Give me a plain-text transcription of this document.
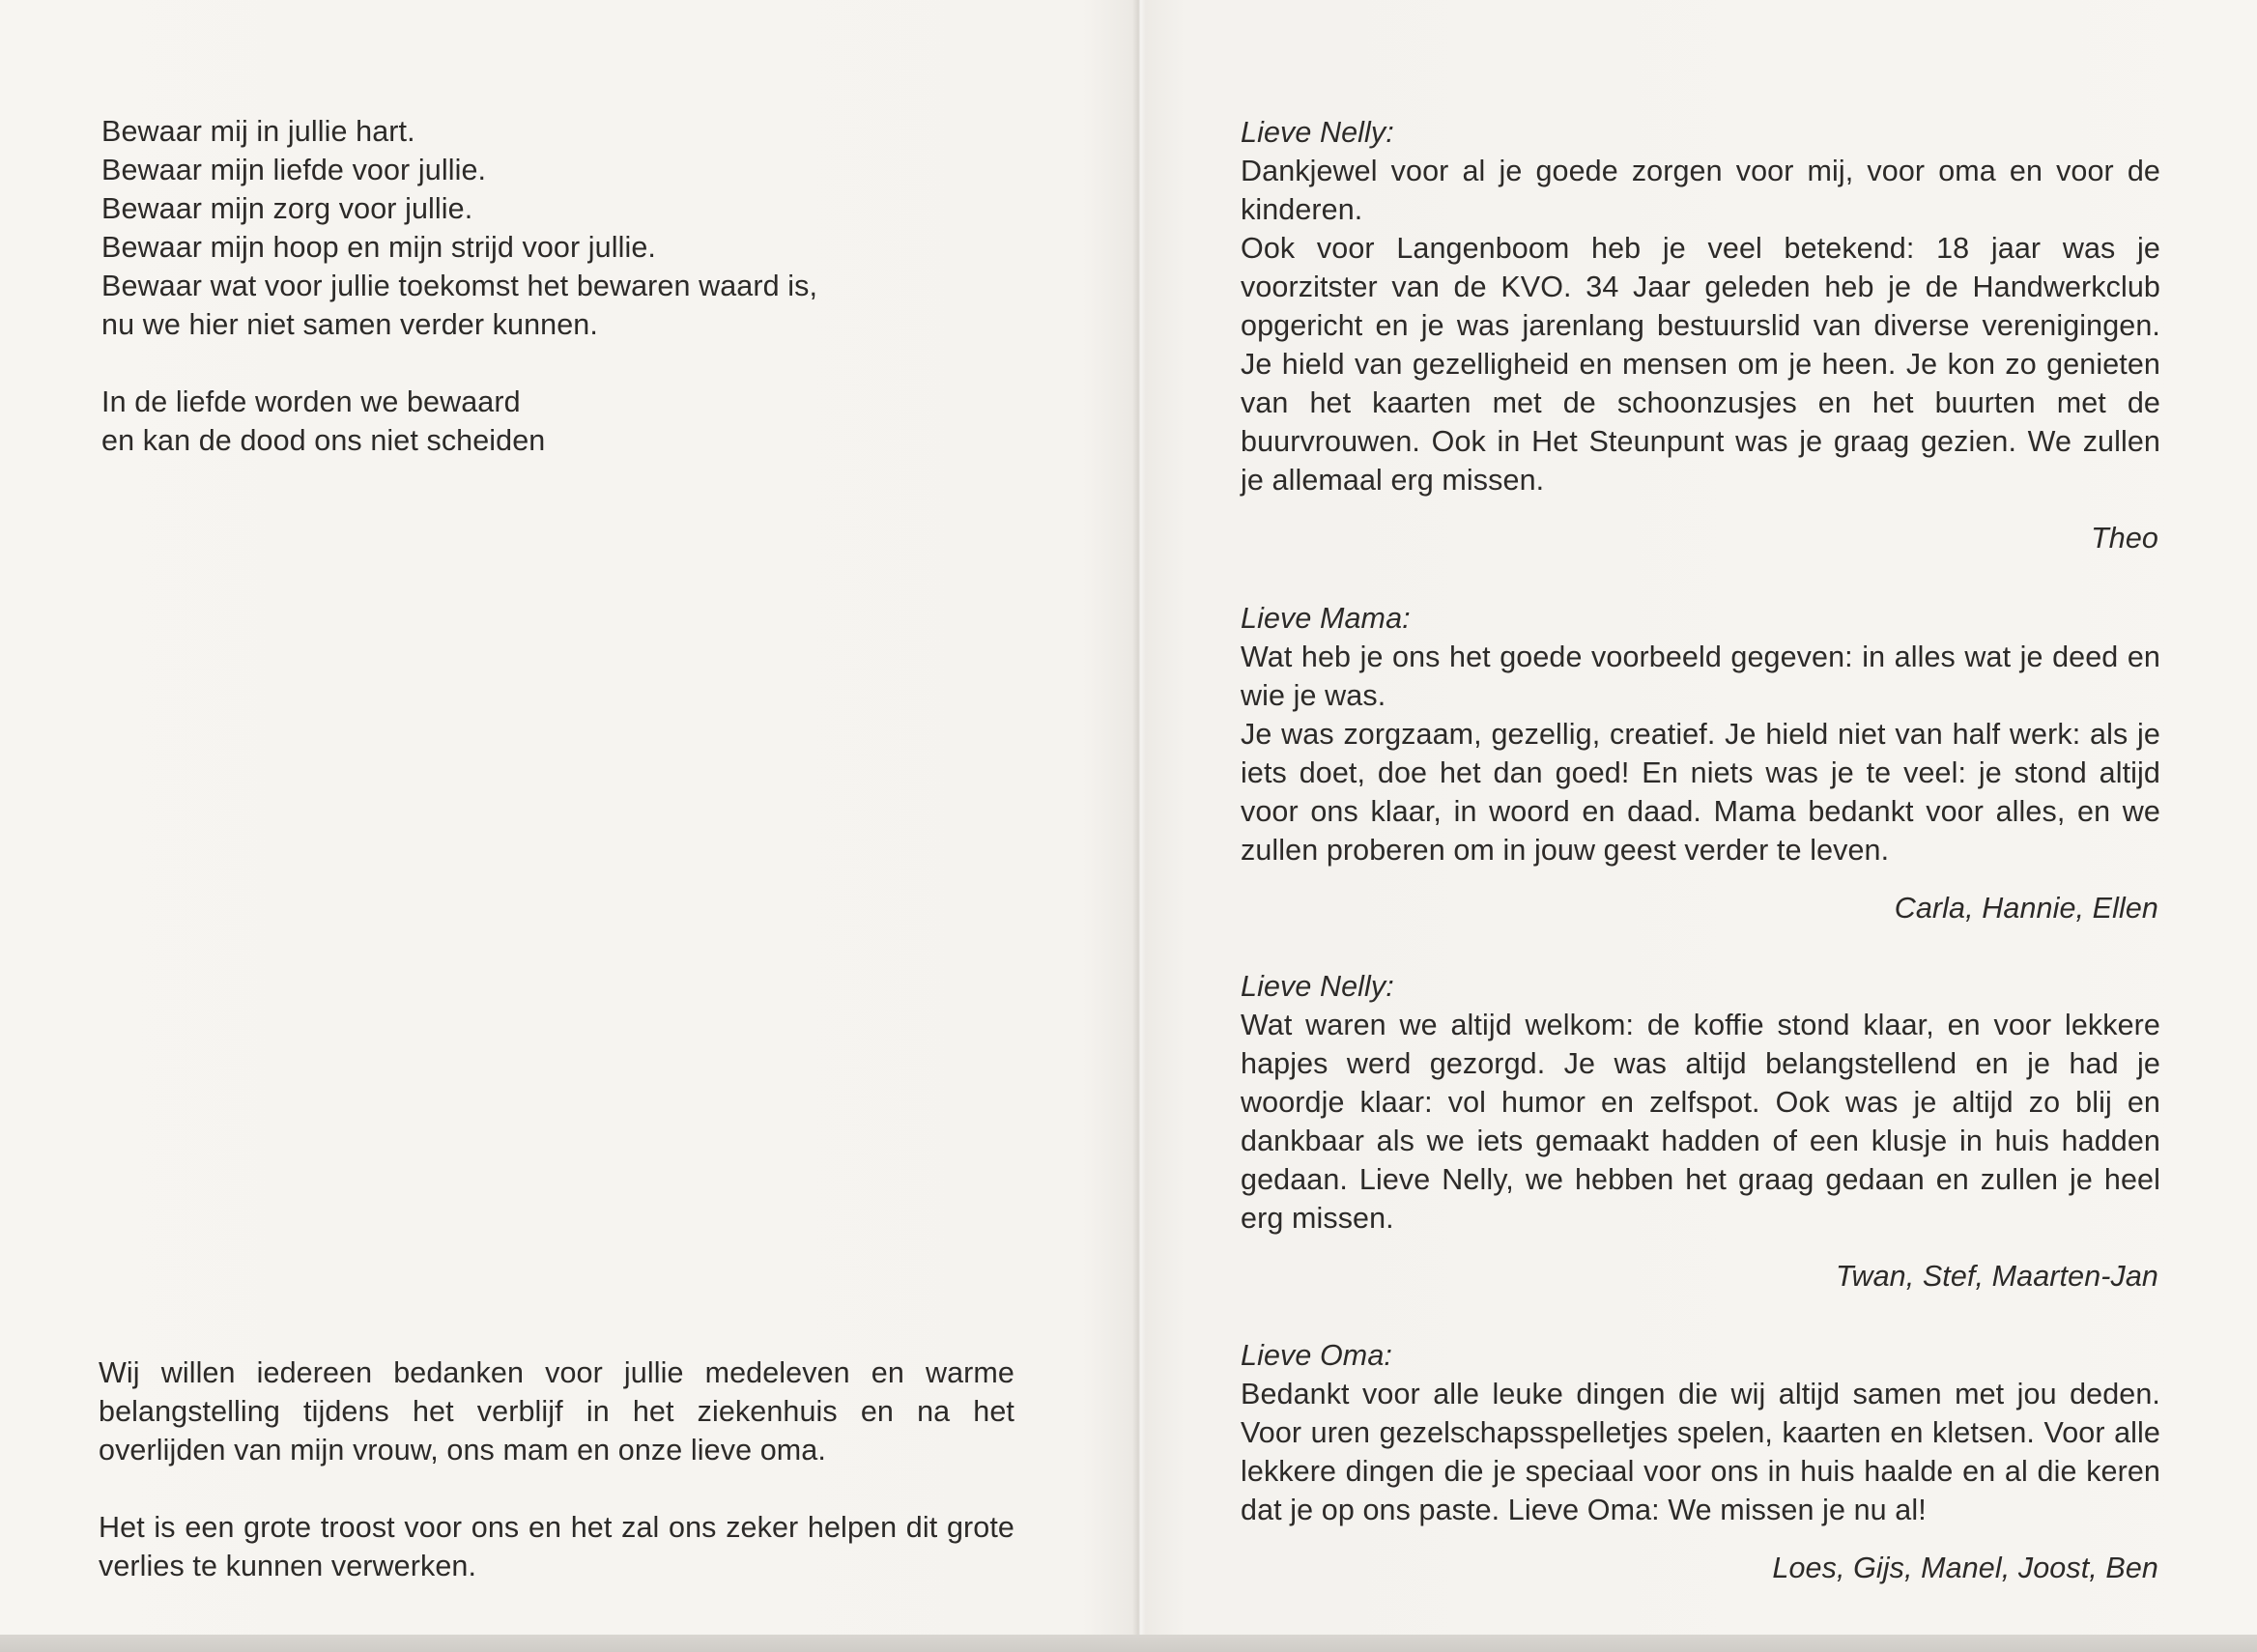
Bewaar mij in jullie hart.
Bewaar mijn liefde voor jullie.
Bewaar mijn zorg voor jullie.
Bewaar mijn hoop en mijn strijd voor jullie.
Bewaar wat voor jullie toekomst het bewaren waard is,
nu we hier niet samen verder kunnen.
In de liefde worden we bewaard
en kan de dood ons niet scheiden

Wij willen iedereen bedanken voor jullie medeleven en warme belangstelling tijdens het verblijf in het ziekenhuis en na het overlijden van mijn vrouw, ons mam en onze lieve oma.

Het is een grote troost voor ons en het zal ons zeker helpen dit grote verlies te kunnen verwerken.

Lieve Nelly:

Dankjewel voor al je goede zorgen voor mij, voor oma en voor de kinderen.
Ook voor Langenboom heb je veel betekend: 18 jaar was je voorzitster van de KVO. 34 Jaar geleden heb je de Handwerkclub opgericht en je was jarenlang bestuurslid van diverse verenigingen. Je hield van gezelligheid en mensen om je heen. Je kon zo genieten van het kaarten met de schoonzusjes en het buurten met de buurvrouwen. Ook in Het Steunpunt was je graag gezien. We zullen je allemaal erg missen.

Theo
Lieve Mama:

Wat heb je ons het goede voorbeeld gegeven: in alles wat je deed en wie je was.
Je was zorgzaam, gezellig, creatief. Je hield niet van half werk: als je iets doet, doe het dan goed! En niets was je te veel: je stond altijd voor ons klaar, in woord en daad. Mama bedankt voor alles, en we zullen proberen om in jouw geest verder te leven.

Carla, Hannie, Ellen
Lieve Nelly:

Wat waren we altijd welkom: de koffie stond klaar, en voor lekkere hapjes werd gezorgd. Je was altijd belangstellend en je had je woordje klaar: vol humor en zelfspot. Ook was je altijd zo blij en dankbaar als we iets gemaakt hadden of een klusje in huis hadden gedaan. Lieve Nelly, we hebben het graag gedaan en zullen je heel erg missen.

Twan, Stef, Maarten-Jan
Lieve Oma:

Bedankt voor alle leuke dingen die wij altijd samen met jou deden. Voor uren gezelschapsspelletjes spelen, kaarten en kletsen. Voor alle lekkere dingen die je speciaal voor ons in huis haalde en al die keren dat je op ons paste. Lieve Oma: We missen je nu al!

Loes, Gijs, Manel, Joost, Ben
